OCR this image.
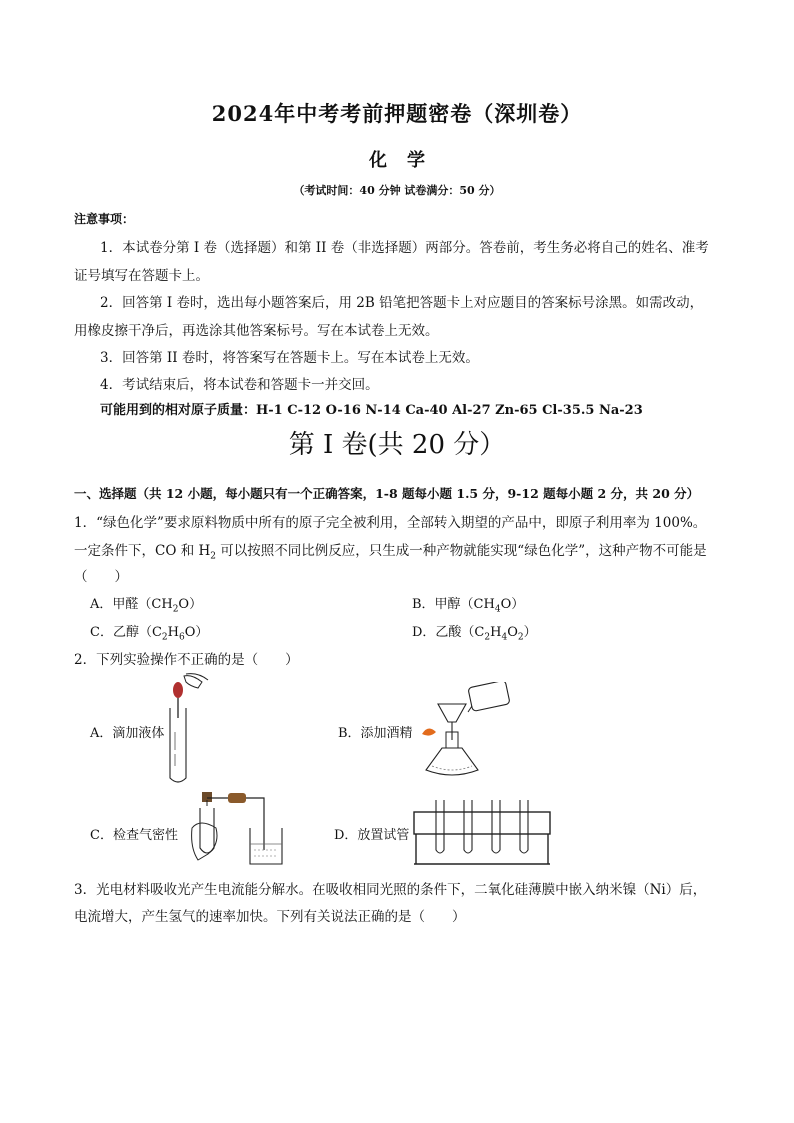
2024年中考考前押题密卷（深圳卷）
化学
（考试时间：40 分钟 试卷满分：50 分）
注意事项：
1．本试卷分第 I 卷（选择题）和第 II 卷（非选择题）两部分。答卷前，考生务必将自己的姓名、准考
证号填写在答题卡上。
2．回答第 I 卷时，选出每小题答案后，用 2B 铅笔把答题卡上对应题目的答案标号涂黑。如需改动，
用橡皮擦干净后，再选涂其他答案标号。写在本试卷上无效。
3．回答第 II 卷时，将答案写在答题卡上。写在本试卷上无效。
4．考试结束后，将本试卷和答题卡一并交回。
可能用到的相对原子质量：H-1 C-12 O-16 N-14 Ca-40 Al-27 Zn-65 Cl-35.5 Na-23
第 I 卷(共 20 分）
一、选择题（共 12 小题，每小题只有一个正确答案，1-8 题每小题 1.5 分，9-12 题每小题 2 分，共 20 分）
1．“绿色化学”要求原料物质中所有的原子完全被利用，全部转入期望的产品中，即原子利用率为 100%。
一定条件下，CO 和 $H_2$ 可以按照不同比例反应，只生成一种产物就能实现“绿色化学”，这种产物不可能是
（　　）
A．甲醛$(CH_2O)$	B．甲醇$(CH_4O)$
C．乙醇$(C_2H_6O)$	D．乙酸$(C_2H_4O_2)$
2．下列实验操作不正确的是（　　）
A．滴加液体	B．添加酒精
C．检查气密性	D．放置试管
3．光电材料吸收光产生电流能分解水。在吸收相同光照的条件下，二氧化硅薄膜中嵌入纳米镍（Ni）后，
电流增大，产生氢气的速率加快。下列有关说法正确的是（　　）
